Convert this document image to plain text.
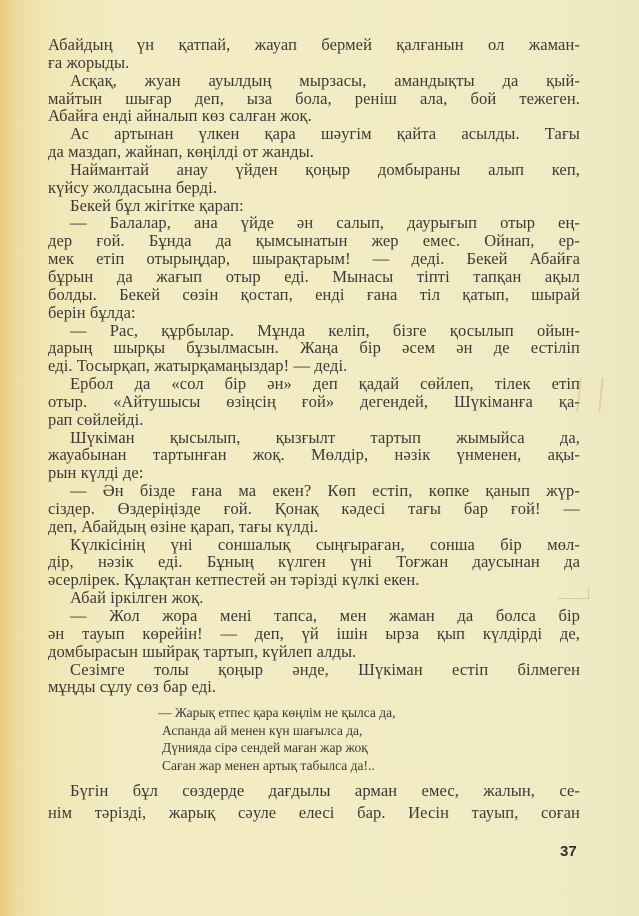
Абайдың үн қатпай, жауап бермей қалғанын ол жаман-
ға жорыды.
Асқақ, жуан ауылдың мырзасы, амандықты да қый-
майтын шығар деп, ыза бола, реніш ала, бой тежеген.
Абайға енді айналып көз салған жоқ.
Ас артынан үлкен қара шәугім қайта асылды. Тағы
да маздап, жайнап, көңілді от жанды.
Наймантай анау үйден қоңыр домбыраны алып кеп,
күйсу жолдасына берді.
Бекей бұл жігітке қарап:
— Балалар, ана үйде ән салып, даурығып отыр ең-
дер ғой. Бұнда да қымсынатын жер емес. Ойнап, ер-
мек етіп отырыңдар, шырақтарым! — деді. Бекей Абайға
бұрын да жағып отыр еді. Мынасы тіпті тапқан ақыл
болды. Бекей сөзін қостап, енді ғана тіл қатып, шырай
берін бұлда:
— Рас, құрбылар. Мұнда келіп, бізге қосылып ойын-
дарың шырқы бұзылмасын. Жаңа бір әсем ән де естіліп
еді. Тосырқап, жатырқамаңыздар! — деді.
Ербол да «сол бір ән» деп қадай сөйлеп, тілек етіп
отыр. «Айтушысы өзіңсің ғой» дегендей, Шүкіманға қа-
рап сөйлейді.
Шүкіман қысылып, қызғылт тартып жымыйса да,
жауабынан тартынған жоқ. Мөлдір, нәзік үнменен, ақы-
рын күлді де:
— Ән бізде ғана ма екен? Көп естіп, көпке қанып жүр-
сіздер. Өздеріңізде ғой. Қонақ кәдесі тағы бар ғой! —
деп, Абайдың өзіне қарап, тағы күлді.
Күлкісінің үні соншалық сыңғыраған, сонша бір мөл-
дір, нәзік еді. Бұның күлген үні Тоғжан даусынан да
әсерлірек. Құлақтан кетпестей ән тәрізді күлкі екен.
Абай іркілген жоқ.
— Жол жора мені тапса, мен жаман да болса бір
ән тауып көрейін! — деп, үй ішін ырза қып күлдірді де,
домбырасын шыйрақ тартып, күйлеп алды.
Сезімге толы қоңыр әнде, Шүкіман естіп білмеген
мұңды сұлу сөз бар еді.
— Жарық етпес қара көңлім не қылса да,
Аспанда ай менен күн шағылса да,
Дүнияда сірә сендей маған жар жоқ
Саған жар менен артық табылса да!..
Бүгін бұл сөздерде дағдылы арман емес, жалын, се-
нім тәрізді, жарық сәуле елесі бар. Иесін тауып, соған
37
